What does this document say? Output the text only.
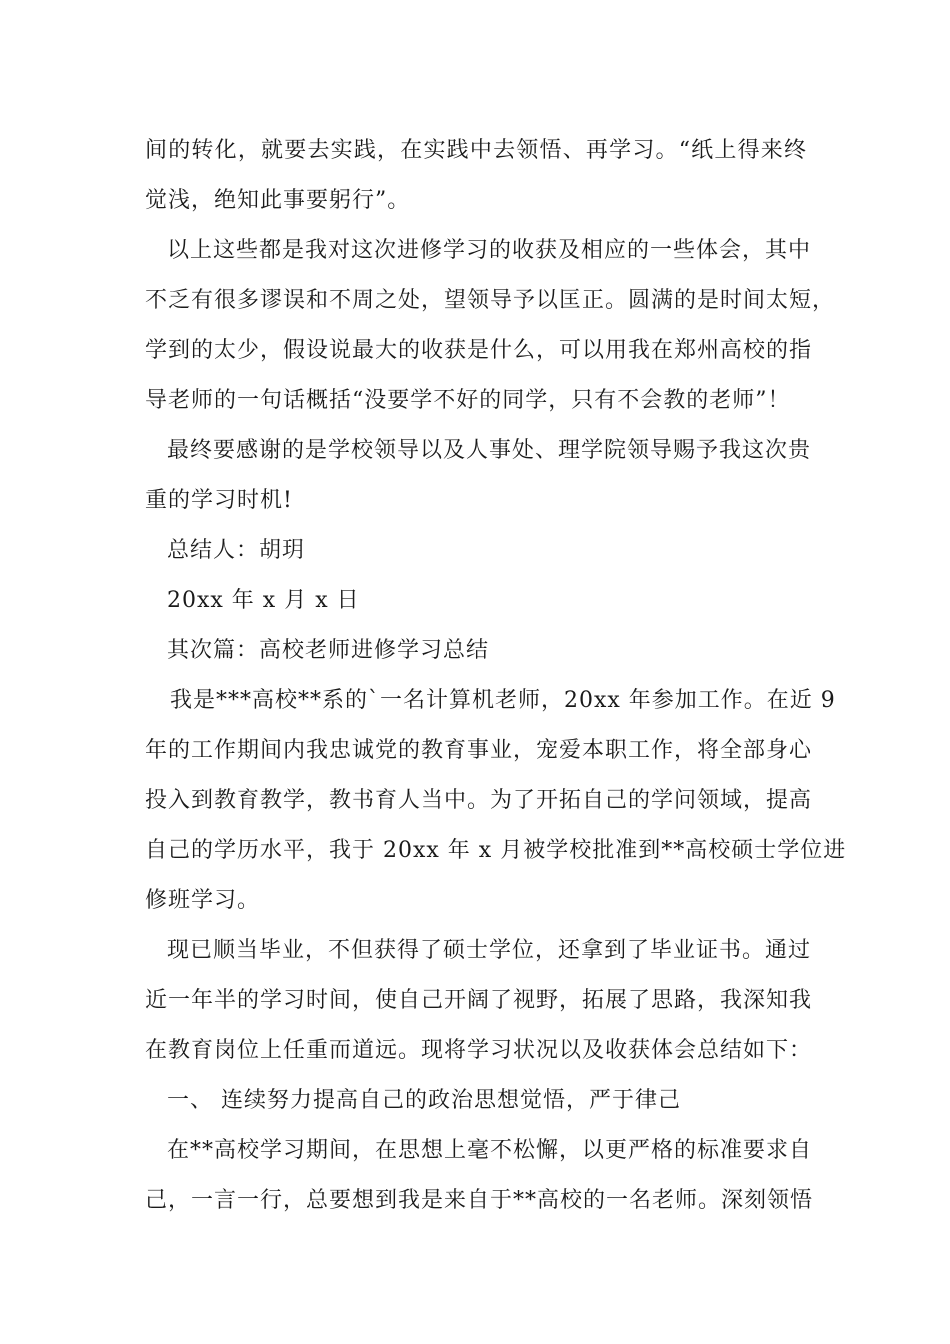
间的转化，就要去实践，在实践中去领悟、再学习。“纸上得来终
觉浅，绝知此事要躬行”。
以上这些都是我对这次进修学习的收获及相应的一些体会，其中
不乏有很多谬误和不周之处，望领导予以匡正。圆满的是时间太短，
学到的太少，假设说最大的收获是什么，可以用我在郑州高校的指
导老师的一句话概括“没要学不好的同学，只有不会教的老师”！
最终要感谢的是学校领导以及人事处、理学院领导赐予我这次贵
重的学习时机!
总结人：胡玥
20xx 年 x 月 x 日
其次篇：高校老师进修学习总结
我是***高校**系的`一名计算机老师，20xx 年参加工作。在近 9
年的工作期间内我忠诚党的教育事业，宠爱本职工作，将全部身心
投入到教育教学，教书育人当中。为了开拓自己的学问领域，提高
自己的学历水平，我于 20xx 年 x 月被学校批准到**高校硕士学位进
修班学习。
现已顺当毕业，不但获得了硕士学位，还拿到了毕业证书。通过
近一年半的学习时间，使自己开阔了视野，拓展了思路，我深知我
在教育岗位上任重而道远。现将学习状况以及收获体会总结如下：
一、 连续努力提高自己的政治思想觉悟，严于律己
在**高校学习期间，在思想上毫不松懈，以更严格的标准要求自
己，一言一行，总要想到我是来自于**高校的一名老师。深刻领悟
